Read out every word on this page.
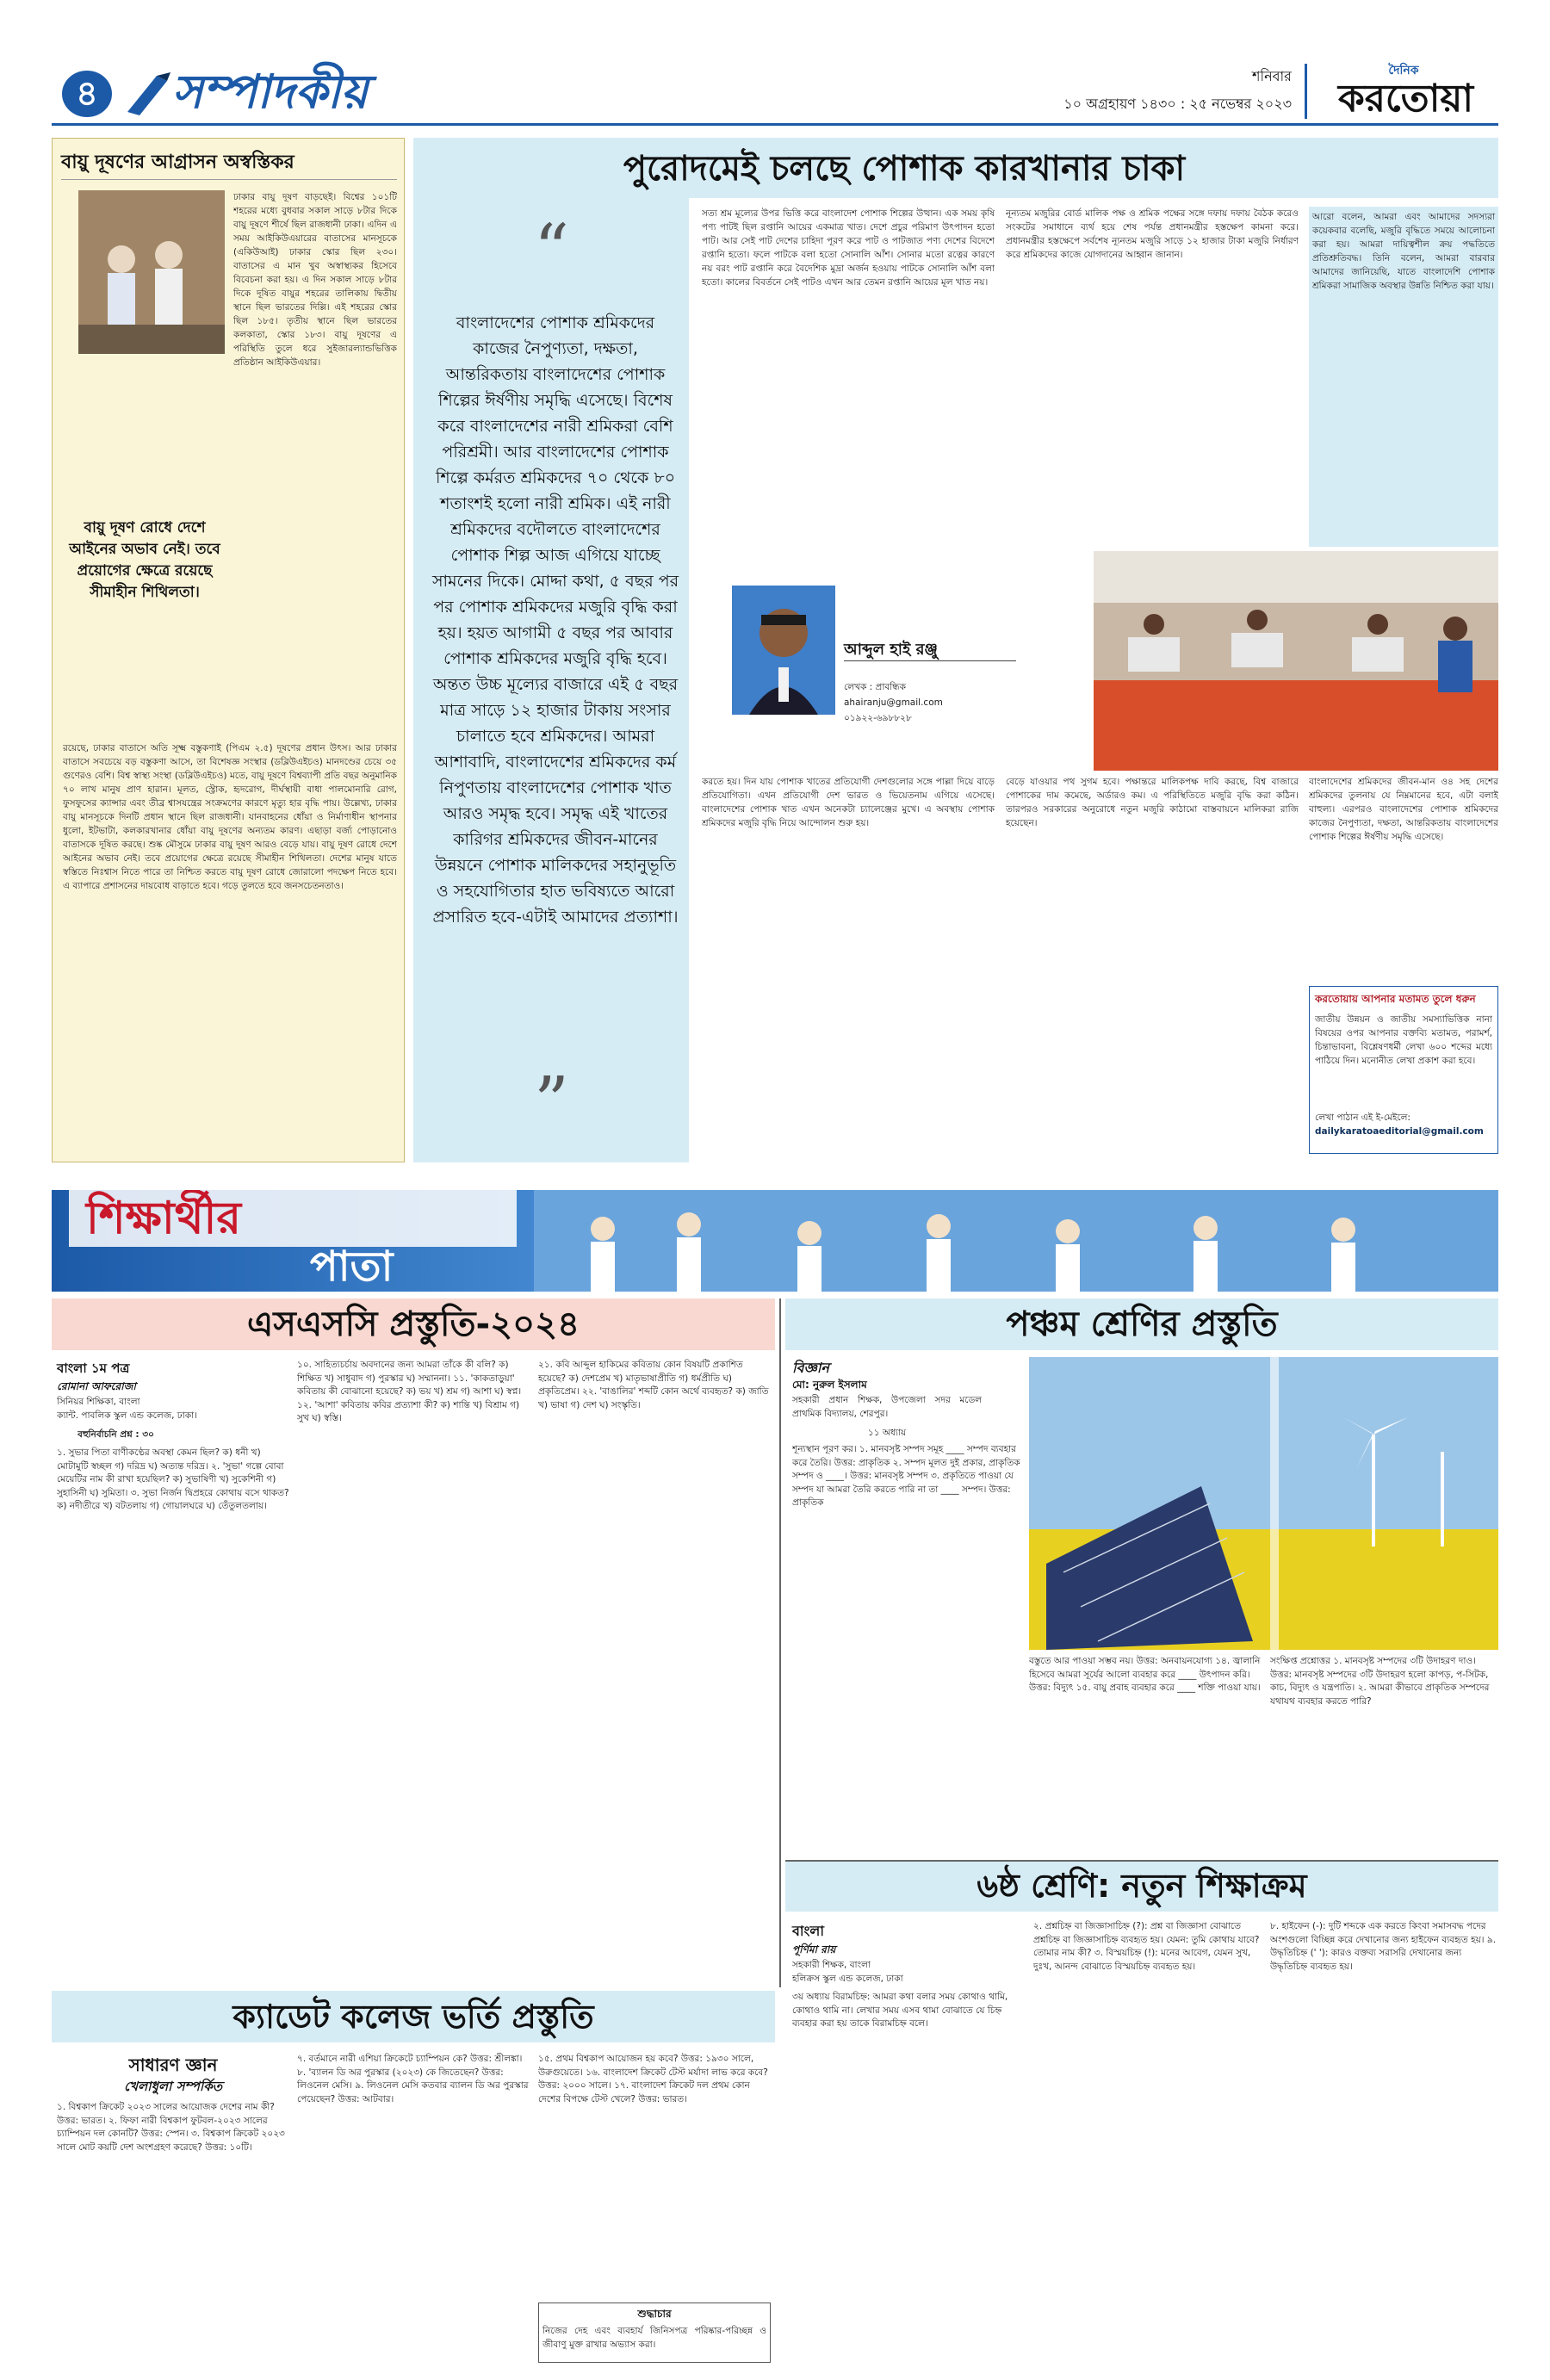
৪ সম্পাদকীয়	শনিবার
১০ অগ্রহায়ণ ১৪৩০ : ২৫ নভেম্বর ২০২৩
দৈনিক
করতোয়া
বায়ু দূষণের আগ্রাসন অস্বস্তিকর
ঢাকার বায়ু দূষণ বাড়ছেই। বিশ্বের ১০১টি শহরের মধ্যে বুধবার সকাল সাড়ে ৮টার দিকে বায়ু দূষণে শীর্ষে ছিল রাজধানী ঢাকা। এদিন এ সময় আইকিউএয়ারের বাতাসের মানসূচকে (একিউআই) ঢাকার স্কোর ছিল ২৩০। বাতাসের এ মান খুব অস্বাস্থ্যকর হিসেবে বিবেচনা করা হয়। এ দিন সকাল সাড়ে ৮টার দিকে দূষিত বায়ুর শহরের তালিকায় দ্বিতীয় স্থানে ছিল ভারতের দিল্লি। এই শহরের স্কোর ছিল ১৮৫। তৃতীয় স্থানে ছিল ভারতের কলকাতা, স্কোর ১৮৩। বায়ু দূষণের এ পরিস্থিতি তুলে ধরে সুইজারল্যান্ডভিত্তিক প্রতিষ্ঠান আইকিউএয়ার।
বায়ু দূষণ রোধে দেশে আইনের অভাব নেই। তবে প্রয়োগের ক্ষেত্রে রয়েছে সীমাহীন শিথিলতা।
রয়েছে, ঢাকার বাতাসে অতি সূক্ষ্ম বস্তুকণাই (পিএম ২.৫) দূষণের প্রধান উৎস। আর ঢাকার বাতাসে সবচেয়ে বড় বস্তুকণা আসে, তা বিশেষজ্ঞ সংস্থার (ডব্লিউএইচও) মানদণ্ডের চেয়ে ৩৫ গুণেরও বেশি। বিশ্ব স্বাস্থ্য সংস্থা (ডব্লিউএইচও) মতে, বায়ু দূষণে বিশ্বব্যাপী প্রতি বছর অনুমানিক ৭০ লাখ মানুষ প্রাণ হারান। মূলত, স্ট্রোক, হৃদরোগ, দীর্ঘস্থায়ী বাধা পালমোনারি রোগ, ফুসফুসের ক্যান্সার এবং তীব্র শ্বাসযন্ত্রের সংক্রমণের কারণে মৃত্যু হার বৃদ্ধি পায়। উল্লেখ্য, ঢাকার বায়ু মানসূচকে দিনটি প্রধান স্থানে ছিল রাজধানী। যানবাহনের ধোঁয়া ও নির্মাণাধীন স্থাপনার ধুলো, ইটভাটা, কলকারখানার ধোঁয়া বায়ু দূষণের অন্যতম কারণ। এছাড়া বর্জ্য পোড়ানোও বাতাসকে দূষিত করছে। শুষ্ক মৌসুমে ঢাকার বায়ু দূষণ আরও বেড়ে যায়। বায়ু দূষণ রোধে দেশে আইনের অভাব নেই। তবে প্রয়োগের ক্ষেত্রে রয়েছে সীমাহীন শিথিলতা। দেশের মানুষ যাতে স্বস্তিতে নিঃশ্বাস নিতে পারে তা নিশ্চিত করতে বায়ু দূষণ রোধে জোরালো পদক্ষেপ নিতে হবে। এ ব্যাপারে প্রশাসনের দায়বোধ বাড়াতে হবে। গড়ে তুলতে হবে জনসচেতনতাও।
পুরোদমেই চলছে পোশাক কারখানার চাকা
“
বাংলাদেশের পোশাক শ্রমিকদের কাজের নৈপুণ্যতা, দক্ষতা, আন্তরিকতায় বাংলাদেশের পোশাক শিল্পের ঈর্ষণীয় সমৃদ্ধি এসেছে। বিশেষ করে বাংলাদেশের নারী শ্রমিকরা বেশি পরিশ্রমী। আর বাংলাদেশের পোশাক শিল্পে কর্মরত শ্রমিকদের ৭০ থেকে ৮০ শতাংশই হলো নারী শ্রমিক। এই নারী শ্রমিকদের বদৌলতে বাংলাদেশের পোশাক শিল্প আজ এগিয়ে যাচ্ছে সামনের দিকে। মোদ্দা কথা, ৫ বছর পর পর পোশাক শ্রমিকদের মজুরি বৃদ্ধি করা হয়। হয়ত আগামী ৫ বছর পর আবার পোশাক শ্রমিকদের মজুরি বৃদ্ধি হবে। অন্তত উচ্চ মূল্যের বাজারে এই ৫ বছর মাত্র সাড়ে ১২ হাজার টাকায় সংসার চালাতে হবে শ্রমিকদের। আমরা আশাবাদি, বাংলাদেশের শ্রমিকদের কর্ম নিপুণতায় বাংলাদেশের পোশাক খাত আরও সমৃদ্ধ হবে। সমৃদ্ধ এই খাতের কারিগর শ্রমিকদের জীবন-মানের উন্নয়নে পোশাক মালিকদের সহানুভূতি ও সহযোগিতার হাত ভবিষ্যতে আরো প্রসারিত হবে-এটাই আমাদের প্রত্যাশা।
”
সত্য শ্রম মূল্যের উপর ভিত্তি করে বাংলাদেশ পোশাক শিল্পের উত্থান। এক সময় কৃষি পণ্য পাটই ছিল রপ্তানি আয়ের একমাত্র খাত। দেশে প্রচুর পরিমাণ উৎপাদন হতো পাট। আর সেই পাট দেশের চাহিদা পূরণ করে পাট ও পাটজাত পণ্য দেশের বিদেশে রপ্তানি হতো। ফলে পাটকে বলা হতো সোনালি আঁশ। সোনার মতো রত্নের কারণে নয় বরং পাট রপ্তানি করে বৈদেশিক মুদ্রা অর্জন হওয়ায় পাটকে সোনালি আঁশ বলা হতো। কালের বিবর্তনে সেই পাটও এখন আর তেমন রপ্তানি আয়ের মূল খাত নয়।
নূন্যতম মজুরির বোর্ড মালিক পক্ষ ও শ্রমিক পক্ষের সঙ্গে দফায় দফায় বৈঠক করেও সংকটের সমাধানে ব্যর্থ হয়ে শেষ পর্যন্ত প্রধানমন্ত্রীর হস্তক্ষেপ কামনা করে। প্রধানমন্ত্রীর হস্তক্ষেপে সর্বশেষ ন্যূনতম মজুরি সাড়ে ১২ হাজার টাকা মজুরি নির্ধারণ করে শ্রমিকদের কাজে যোগদানের আহ্বান জানান।
আরো বলেন, আমরা এবং আমাদের সদস্যরা কয়েকবার বলেছি, মজুরি বৃদ্ধিতে সময়ে আলোচনা করা হয়। আমরা দায়িত্বশীল ক্রয় পদ্ধতিতে প্রতিশ্রুতিবদ্ধ। তিনি বলেন, আমরা বারবার আমাদের জানিয়েছি, যাতে বাংলাদেশি পোশাক শ্রমিকরা সামাজিক অবস্থার উন্নতি নিশ্চিত করা যায়।
আব্দুল হাই রঞ্জু
লেখক : প্রাবন্ধিক
ahairanju@gmail.com
০১৯২২-৬৯৮৮২৮
করতে হয়। দিন যায় পোশাক খাতের প্রতিযোগী দেশগুলোর সঙ্গে পাল্লা দিয়ে বাড়ে প্রতিযোগিতা। এখন প্রতিযোগী দেশ ভারত ও ভিয়েতনাম এগিয়ে এসেছে। বাংলাদেশের পোশাক খাত এখন অনেকটা চ্যালেঞ্জের মুখে। এ অবস্থায় পোশাক শ্রমিকদের মজুরি বৃদ্ধি নিয়ে আন্দোলন শুরু হয়।
বেড়ে যাওয়ার পথ সুগম হবে। পক্ষান্তরে মালিকপক্ষ দাবি করছে, বিশ্ব বাজারে পোশাকের দাম কমেছে, অর্ডারও কম। এ পরিস্থিতিতে মজুরি বৃদ্ধি করা কঠিন। তারপরও সরকারের অনুরোধে নতুন মজুরি কাঠামো বাস্তবায়নে মালিকরা রাজি হয়েছেন।
বাংলাদেশের শ্রমিকদের জীবন-মান ও৪ সহ দেশের শ্রমিকদের তুলনায় যে নিম্নমানের হবে, এটা বলাই বাহুল্য। এরপরও বাংলাদেশের পোশাক শ্রমিকদের কাজের নৈপুণ্যতা, দক্ষতা, আন্তরিকতায় বাংলাদেশের পোশাক শিল্পের ঈর্ষণীয় সমৃদ্ধি এসেছে।
করতোয়ায় আপনার মতামত তুলে ধরুন
জাতীয় উন্নয়ন ও জাতীয় সমস্যাভিত্তিক নানা বিষয়ের ওপর আপনার বক্তব্যি মতামত, পরামর্শ, চিন্তাভাবনা, বিশ্লেষণধর্মী লেখা ৬০০ শব্দের মধ্যে পাঠিয়ে দিন। মনোনীত লেখা প্রকাশ করা হবে।
লেখা পাঠান এই ই-মেইলে:
dailykaratoaeditorial@gmail.com
শিক্ষার্থীর
পাতা
এসএসসি প্রস্তুতি-২০২৪
বাংলা ১ম পত্র
রোমানা আফরোজা
সিনিয়র শিক্ষিকা, বাংলা
ক্যান্ট. পাবলিক স্কুল এন্ড কলেজ, ঢাকা।
বহুনির্বাচনি প্রশ্ন : ৩০
১. সুভার পিতা বাণীকণ্ঠের অবস্থা কেমন ছিল? ক) ধনী খ) মোটামুটি স্বচ্ছল গ) দরিদ্র ঘ) অত্যন্ত দরিদ্র। ২. 'সুভা' গল্পে বোবা মেয়েটির নাম কী রাখা হয়েছিল? ক) সুভাষিণী খ) সুকেশিনী গ) সুহাসিনী ঘ) সুমিতা। ৩. সুভা নির্জন দ্বিপ্রহরে কোথায় বসে থাকত? ক) নদীতীরে খ) বটতলায় গ) গোয়ালঘরে ঘ) তেঁতুলতলায়।
১০. সাহিত্যচর্চায় অবদানের জন্য আমরা তাঁকে কী বলি? ক) শিক্ষিত খ) সাধুবাদ গ) পুরস্কার ঘ) সম্মাননা। ১১. 'কাকতাড়ুয়া' কবিতায় কী বোঝানো হয়েছে? ক) ভয় খ) শ্রম গ) আশা ঘ) স্বপ্ন। ১২. 'আশা' কবিতায় কবির প্রত্যাশা কী? ক) শান্তি খ) বিশ্রাম গ) সুখ ঘ) স্বস্তি।
২১. কবি আব্দুল হাকিমের কবিতায় কোন বিষয়টি প্রকাশিত হয়েছে? ক) দেশপ্রেম খ) মাতৃভাষাপ্রীতি গ) ধর্মপ্রীতি ঘ) প্রকৃতিপ্রেম। ২২. 'বাঙালির' শব্দটি কোন অর্থে ব্যবহৃত? ক) জাতি খ) ভাষা গ) দেশ ঘ) সংস্কৃতি।
ক্যাডেট কলেজ ভর্তি প্রস্তুতি
সাধারণ জ্ঞান
খেলাধুলা সম্পর্কিত
১. বিশ্বকাপ ক্রিকেট ২০২৩ সালের আয়োজক দেশের নাম কী? উত্তর: ভারত। ২. ফিফা নারী বিশ্বকাপ ফুটবল-২০২৩ সালের চ্যাম্পিয়ন দল কোনটি? উত্তর: স্পেন। ৩. বিশ্বকাপ ক্রিকেট ২০২৩ সালে মোট কয়টি দেশ অংশগ্রহণ করেছে? উত্তর: ১০টি।
৭. বর্তমানে নারী এশিয়া ক্রিকেটে চ্যাম্পিয়ন কে? উত্তর: শ্রীলঙ্কা। ৮. 'ব্যালন ডি অর পুরস্কার (২০২৩) কে জিতেছেন? উত্তর: লিওনেল মেসি। ৯. লিওনেল মেসি কতবার ব্যালন ডি অর পুরস্কার পেয়েছেন? উত্তর: আটবার।
১৫. প্রথম বিশ্বকাপ আয়োজন হয় কবে? উত্তর: ১৯৩০ সালে, উরুগুয়েতে। ১৬. বাংলাদেশ ক্রিকেট টেস্ট মর্যাদা লাভ করে কবে? উত্তর: ২০০০ সালে। ১৭. বাংলাদেশ ক্রিকেট দল প্রথম কোন দেশের বিপক্ষে টেস্ট খেলে? উত্তর: ভারত।
শুদ্ধাচার
নিজের দেহ এবং ব্যবহার্য জিনিসপত্র পরিষ্কার-পরিচ্ছন্ন ও জীবাণু মুক্ত রাখার অভ্যাস করা।
পঞ্চম শ্রেণির প্রস্তুতি
বিজ্ঞান
মো: নুরুল ইসলাম
সহকারী প্রধান শিক্ষক, উপজেলা সদর মডেল প্রাথমিক বিদ্যালয়, শেরপুর।
১১ অধ্যায়
শূন্যস্থান পূরণ কর। ১. মানবসৃষ্ট সম্পদ সমূহ ____ সম্পদ ব্যবহার করে তৈরি। উত্তর: প্রাকৃতিক ২. সম্পদ মূলত দুই প্রকার, প্রাকৃতিক সম্পদ ও ____। উত্তর: মানবসৃষ্ট সম্পদ ৩. প্রকৃতিতে পাওয়া যে সম্পদ যা আমরা তৈরি করতে পারি না তা ____ সম্পদ। উত্তর: প্রাকৃতিক
বস্তুতে আর পাওয়া সম্ভব নয়। উত্তর: অনবায়নযোগ্য ১৪. জ্বালানি হিসেবে আমরা সূর্যের আলো ব্যবহার করে ____ উৎপাদন করি। উত্তর: বিদ্যুৎ ১৫. বায়ু প্রবাহ ব্যবহার করে ____ শক্তি পাওয়া যায়।
সংক্ষিপ্ত প্রশ্নোত্তর ১. মানবসৃষ্ট সম্পদের ৩টি উদাহরণ দাও। উত্তর: মানবসৃষ্ট সম্পদের ৩টি উদাহরণ হলো কাপড়, প-সিটক, কাচ, বিদ্যুৎ ও যন্ত্রপাতি। ২. আমরা কীভাবে প্রাকৃতিক সম্পদের যথাযথ ব্যবহার করতে পারি?
৬ষ্ঠ শ্রেণি: নতুন শিক্ষাক্রম
বাংলা
পূর্ণিমা রায়
সহকারী শিক্ষক, বাংলা
হলিক্রস স্কুল এন্ড কলেজ, ঢাকা
৩য় অধ্যায় বিরামচিহ্ন: আমরা কথা বলার সময় কোথাও থামি, কোথাও থামি না। লেখার সময় এসব থামা বোঝাতে যে চিহ্ন ব্যবহার করা হয় তাকে বিরামচিহ্ন বলে।
২. প্রশ্নচিহ্ন বা জিজ্ঞাসাচিহ্ন (?): প্রশ্ন বা জিজ্ঞাসা বোঝাতে প্রশ্নচিহ্ন বা জিজ্ঞাসাচিহ্ন ব্যবহৃত হয়। যেমন: তুমি কোথায় যাবে? তোমার নাম কী? ৩. বিস্ময়চিহ্ন (!): মনের আবেগ, যেমন সুখ, দুঃখ, আনন্দ বোঝাতে বিস্ময়চিহ্ন ব্যবহৃত হয়।
৮. হাইফেন (-): দুটি শব্দকে এক করতে কিংবা সমাসবদ্ধ পদের অংশগুলো বিচ্ছিন্ন করে দেখানোর জন্য হাইফেন ব্যবহৃত হয়। ৯. উদ্ধৃতিচিহ্ন (' '): কারও বক্তব্য সরাসরি দেখানোর জন্য উদ্ধৃতিচিহ্ন ব্যবহৃত হয়।
